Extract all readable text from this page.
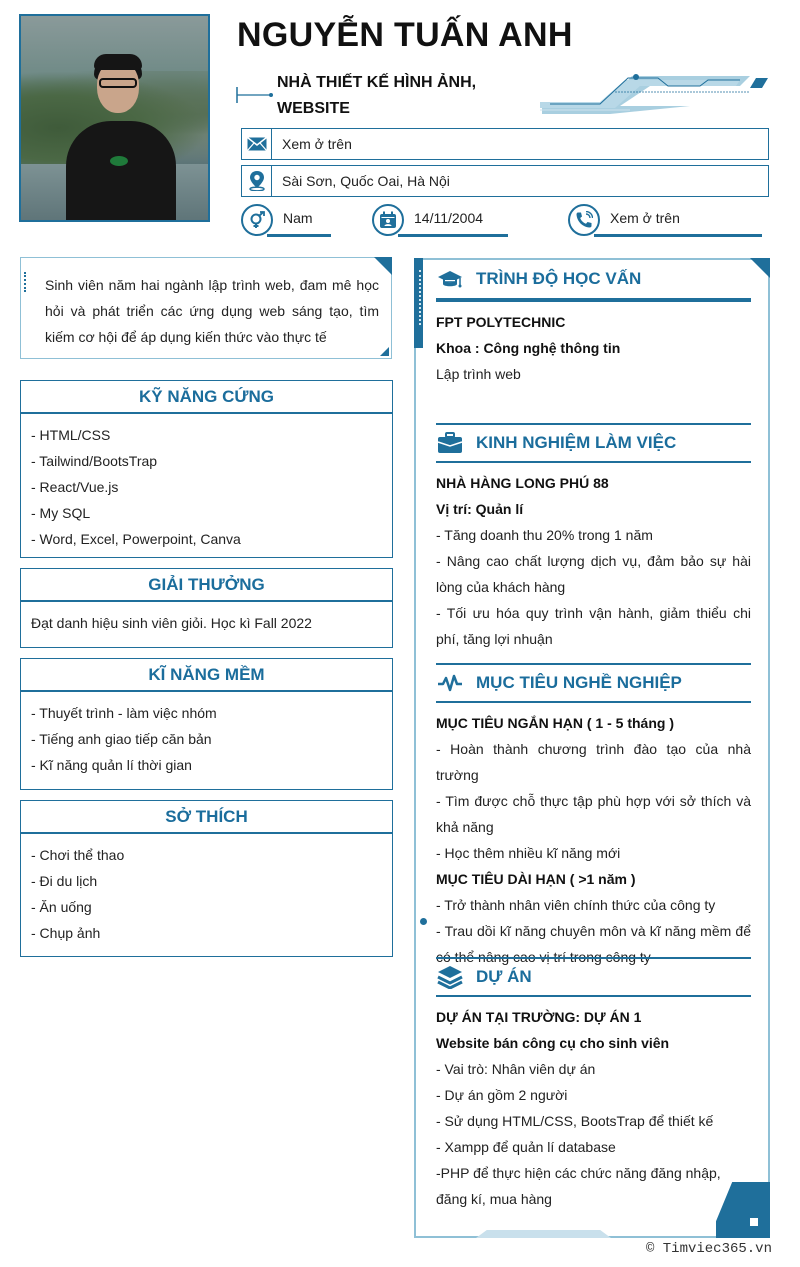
NGUYỄN TUẤN ANH
NHÀ THIẾT KẾ HÌNH ẢNH, WEBSITE
Xem ở trên
Sài Sơn, Quốc Oai, Hà Nội
Nam	14/11/2004	Xem ở trên
Sinh viên năm hai ngành lập trình web, đam mê học hỏi và phát triển các ứng dụng web sáng tạo, tìm kiếm cơ hội để áp dụng kiến thức vào thực tế
KỸ NĂNG CỨNG
- HTML/CSS
- Tailwind/BootsTrap
- React/Vue.js
- My SQL
- Word, Excel, Powerpoint, Canva
GIẢI THƯỞNG
Đạt danh hiệu sinh viên giỏi. Học kì Fall 2022
KĨ NĂNG MỀM
- Thuyết trình - làm việc nhóm
- Tiếng anh giao tiếp căn bản
- Kĩ năng quản lí thời gian
SỞ THÍCH
- Chơi thể thao
- Đi du lịch
- Ăn uống
- Chụp ảnh
TRÌNH ĐỘ HỌC VẤN
FPT POLYTECHNIC
Khoa : Công nghệ thông tin
Lập trình web
KINH NGHIỆM LÀM VIỆC
NHÀ HÀNG LONG PHÚ 88
Vị trí: Quản lí
- Tăng doanh thu 20% trong 1 năm
- Nâng cao chất lượng dịch vụ, đảm bảo sự hài lòng của khách hàng
- Tối ưu hóa quy trình vận hành, giảm thiểu chi phí, tăng lợi nhuận
MỤC TIÊU NGHỀ NGHIỆP
MỤC TIÊU NGẮN HẠN ( 1 - 5 tháng )
- Hoàn thành chương trình đào tạo của nhà trường
- Tìm được chỗ thực tập phù hợp với sở thích và khả năng
- Học thêm nhiều kĩ năng mới
MỤC TIÊU DÀI HẠN ( >1 năm )
- Trở thành nhân viên chính thức của công ty
- Trau dồi kĩ năng chuyên môn và kĩ năng mềm để có thể nâng cao vị trí trong công ty
DỰ ÁN
DỰ ÁN TẠI TRƯỜNG: DỰ ÁN 1
Website bán công cụ cho sinh viên
- Vai trò: Nhân viên dự án
- Dự án gồm 2 người
- Sử dụng HTML/CSS, BootsTrap để thiết kế
- Xampp để quản lí database
-PHP để thực hiện các chức năng đăng nhập, đăng kí, mua hàng
© Timviec365.vn
